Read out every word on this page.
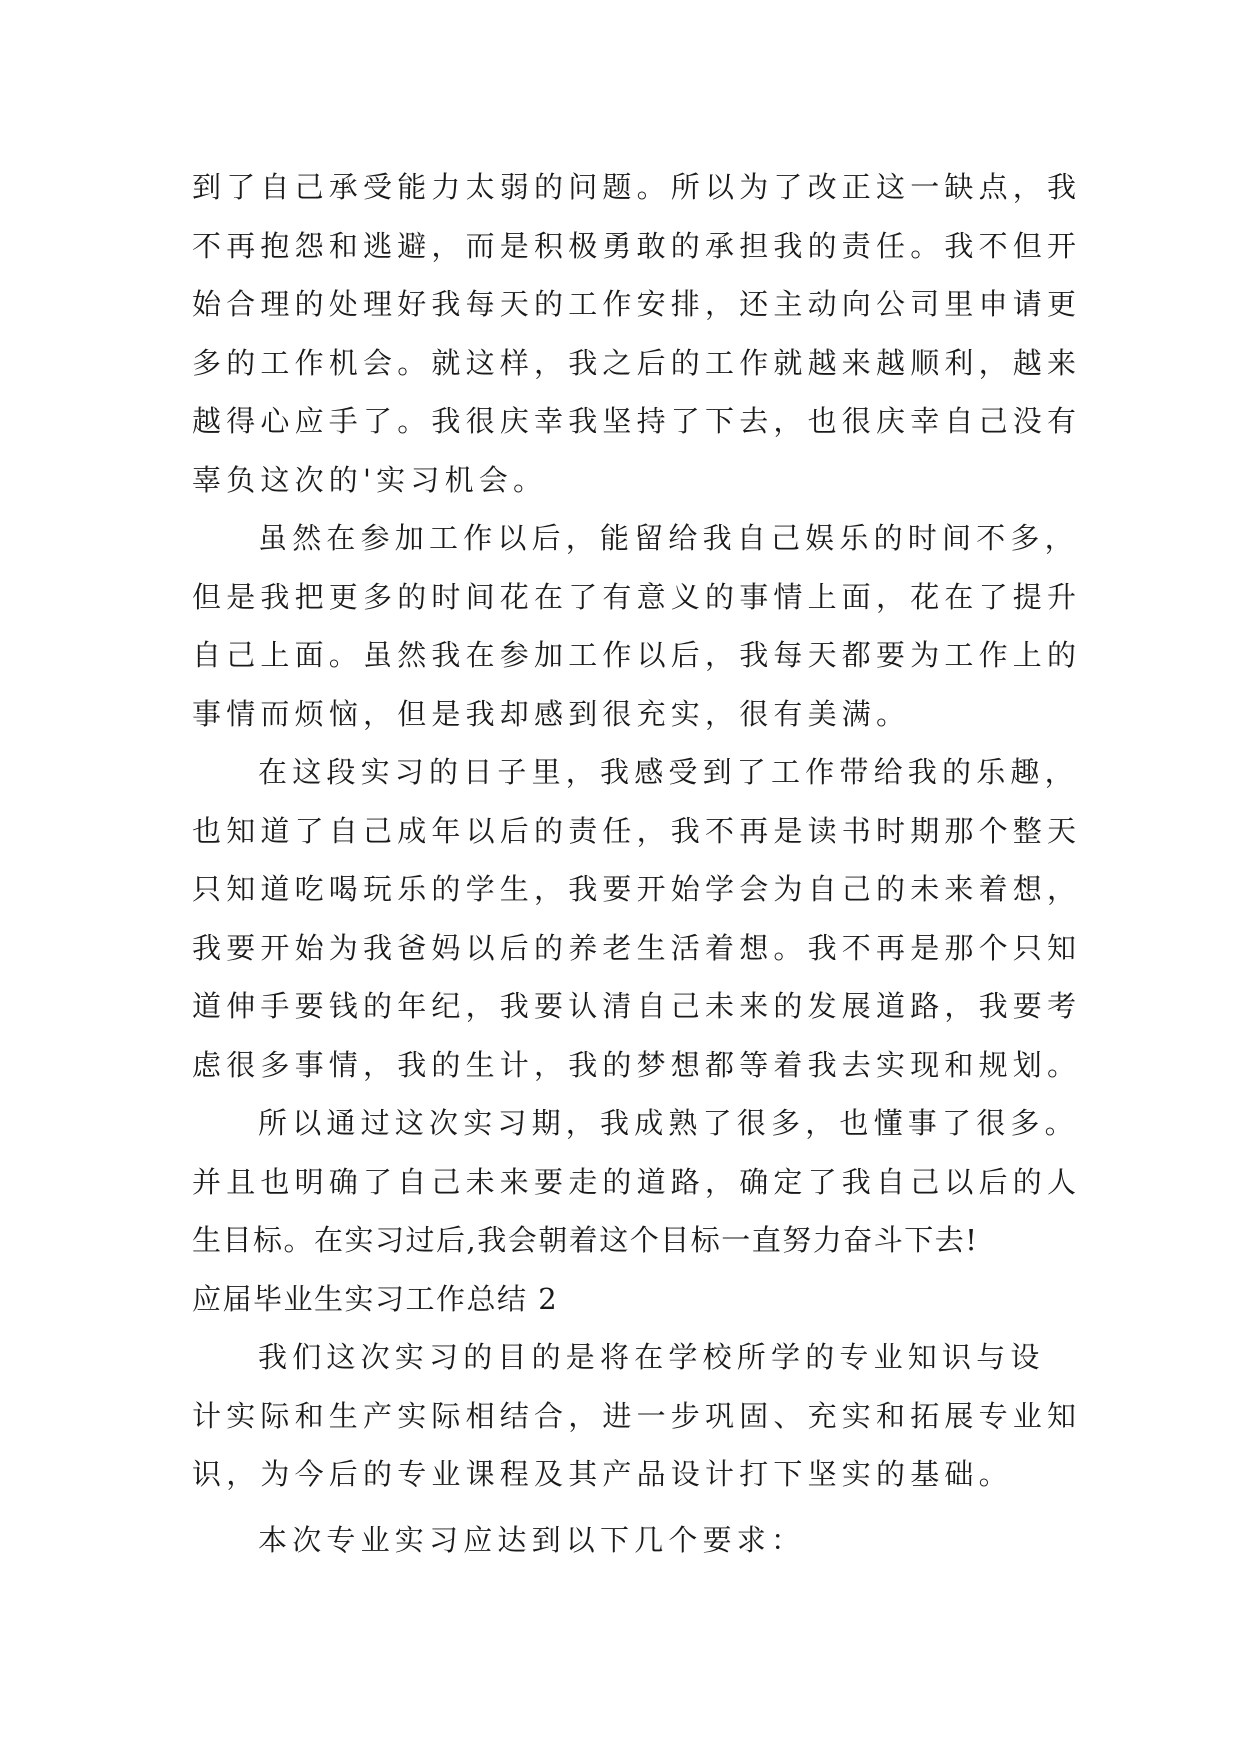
到了自己承受能力太弱的问题。所以为了改正这一缺点，我
不再抱怨和逃避，而是积极勇敢的承担我的责任。我不但开
始合理的处理好我每天的工作安排，还主动向公司里申请更
多的工作机会。就这样，我之后的工作就越来越顺利，越来
越得心应手了。我很庆幸我坚持了下去，也很庆幸自己没有
辜负这次的'实习机会。
虽然在参加工作以后，能留给我自己娱乐的时间不多，
但是我把更多的时间花在了有意义的事情上面，花在了提升
自己上面。虽然我在参加工作以后，我每天都要为工作上的
事情而烦恼，但是我却感到很充实，很有美满。
在这段实习的日子里，我感受到了工作带给我的乐趣，
也知道了自己成年以后的责任，我不再是读书时期那个整天
只知道吃喝玩乐的学生，我要开始学会为自己的未来着想，
我要开始为我爸妈以后的养老生活着想。我不再是那个只知
道伸手要钱的年纪，我要认清自己未来的发展道路，我要考
虑很多事情，我的生计，我的梦想都等着我去实现和规划。
所以通过这次实习期，我成熟了很多，也懂事了很多。
并且也明确了自己未来要走的道路，确定了我自己以后的人
生目标。在实习过后,我会朝着这个目标一直努力奋斗下去!
应届毕业生实习工作总结 2
我们这次实习的目的是将在学校所学的专业知识与设
计实际和生产实际相结合，进一步巩固、充实和拓展专业知
识，为今后的专业课程及其产品设计打下坚实的基础。
本次专业实习应达到以下几个要求：
